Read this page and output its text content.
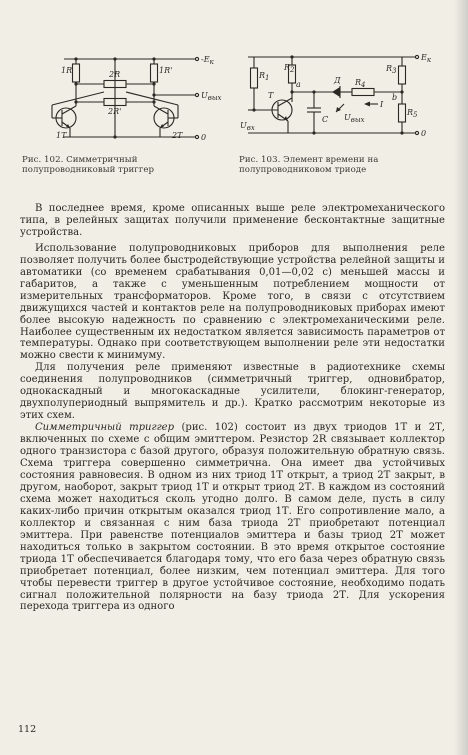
1R	1R'
2R
2R'
1T	2T
-Eк
Uвых
0
R1
R2
T
a
C
Д R4
I
R3
b
R5
Eк
Uвх
Uвых
0
Рис. 102. Симметричный полупроводниковый триггер
Рис. 103. Элемент времени на полупроводниковом триоде

В последнее время, кроме описанных выше реле электромеханического типа, в релейных защитах получили применение бесконтактные защитные устройства.

Использование полупроводниковых приборов для выполнения реле позволяет получить более быстродействующие устройства релейной защиты и автоматики (со временем срабатывания 0,01—0,02 с) меньшей массы и габаритов, а также с уменьшенным потреблением мощности от измерительных трансформаторов. Кроме того, в связи с отсутствием движущихся частей и контактов реле на полупроводниковых приборах имеют более высокую надежность по сравнению с электромеханическими реле. Наиболее существенным их недостатком является зависимость параметров от температуры. Однако при соответствующем выполнении реле эти недостатки можно свести к минимуму.

Для получения реле применяют известные в радиотехнике схемы соединения полупроводников (симметричный триггер, одновибратор, однокаскадный и многокаскадные усилители, блокинг-генератор, двухполупериодный выпрямитель и др.). Кратко рассмотрим некоторые из этих схем.

Симметричный триггер (рис. 102) состоит из двух триодов 1Т и 2Т, включенных по схеме с общим эмиттером. Резистор 2R связывает коллектор одного транзистора с базой другого, образуя положительную обратную связь. Схема триггера совершенно симметрична. Она имеет два устойчивых состояния равновесия. В одном из них триод 1Т открыт, а триод 2Т закрыт, в другом, наоборот, закрыт триод 1Т и открыт триод 2Т. В каждом из состояний схема может находиться сколь угодно долго. В самом деле, пусть в силу каких-либо причин открытым оказался триод 1Т. Его сопротивление мало, а коллектор и связанная с ним база триода 2Т приобретают потенциал эмиттера. При равенстве потенциалов эмиттера и базы триод 2Т может находиться только в закрытом состоянии. В это время открытое состояние триода 1Т обеспечивается благодаря тому, что его база через обратную связь приобретает потенциал, более низким, чем потенциал эмиттера. Для того чтобы перевести триггер в другое устойчивое состояние, необходимо подать сигнал положительной полярности на базу триода 2Т. Для ускорения перехода триггера из одного

112
